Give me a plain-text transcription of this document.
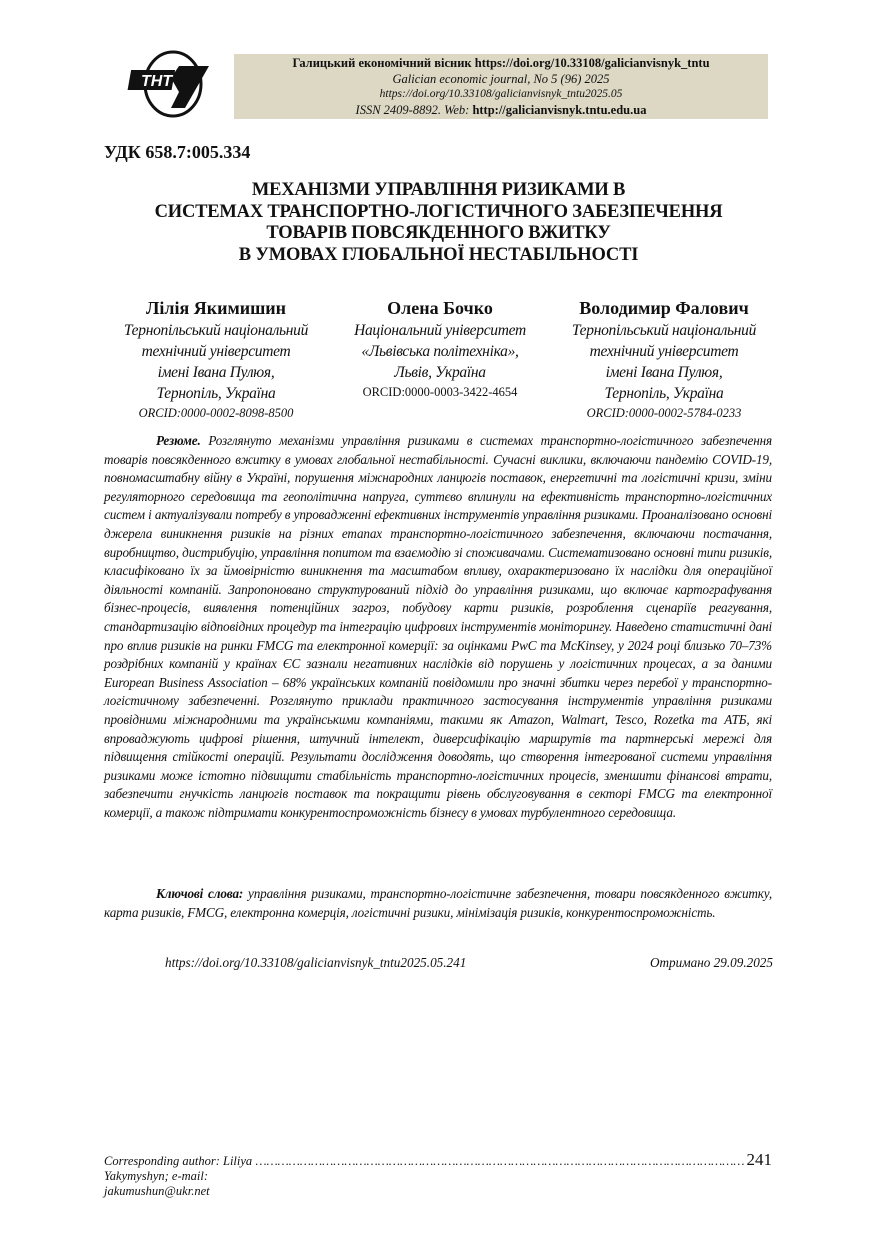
ТНТ
Галицький економічний вісник https://doi.org/10.33108/galicianvisnyk_tntu
Galician economic journal, No 5 (96) 2025
https://doi.org/10.33108/galicianvisnyk_tntu2025.05
ISSN 2409-8892. Web: http://galicianvisnyk.tntu.edu.ua
УДК 658.7:005.334
МЕХАНІЗМИ УПРАВЛІННЯ РИЗИКАМИ В
СИСТЕМАХ ТРАНСПОРТНО-ЛОГІСТИЧНОГО ЗАБЕЗПЕЧЕННЯ
ТОВАРІВ ПОВСЯКДЕННОГО ВЖИТКУ
В УМОВАХ ГЛОБАЛЬНОЇ НЕСТАБІЛЬНОСТІ
Лілія Якимишин
Тернопільський національний
технічний університет
імені Івана Пулюя,
Тернопіль, Україна
ORCID:0000-0002-8098-8500
Олена Бочко
Національний університет
«Львівська політехніка»,
Львів, Україна
ORCID:0000-0003-3422-4654
Володимир Фалович
Тернопільський національний
технічний університет
імені Івана Пулюя,
Тернопіль, Україна
ORCID:0000-0002-5784-0233
Резюме. Розглянуто механізми управління ризиками в системах транспортно-логістичного забезпечення товарів повсякденного вжитку в умовах глобальної нестабільності. Сучасні виклики, включаючи пандемію COVID-19, повномасштабну війну в Україні, порушення міжнародних ланцюгів поставок, енергетичні та логістичні кризи, зміни регуляторного середовища та геополітична напруга, суттєво вплинули на ефективність транспортно-логістичних систем і актуалізували потребу в упровадженні ефективних інструментів управління ризиками. Проаналізовано основні джерела виникнення ризиків на різних етапах транспортно-логістичного забезпечення, включаючи постачання, виробництво, дистрибуцію, управління попитом та взаємодію зі споживачами. Систематизовано основні типи ризиків, класифіковано їх за ймовірністю виникнення та масштабом впливу, охарактеризовано їх наслідки для операційної діяльності компаній. Запропоновано структурований підхід до управління ризиками, що включає картографування бізнес-процесів, виявлення потенційних загроз, побудову карти ризиків, розроблення сценаріїв реагування, стандартизацію відповідних процедур та інтеграцію цифрових інструментів моніторингу. Наведено статистичні дані про вплив ризиків на ринки FMCG та електронної комерції: за оцінками PwC та McKinsey, у 2024 році близько 70–73% роздрібних компаній у країнах ЄС зазнали негативних наслідків від порушень у логістичних процесах, а за даними European Business Association – 68% українських компаній повідомили про значні збитки через перебої у транспортно-логістичному забезпеченні. Розглянуто приклади практичного застосування інструментів управління ризиками провідними міжнародними та українськими компаніями, такими як Amazon, Walmart, Tesco, Rozetka та АТБ, які впроваджують цифрові рішення, штучний інтелект, диверсифікацію маршрутів та партнерські мережі для підвищення стійкості операцій. Результати дослідження доводять, що створення інтегрованої системи управління ризиками може істотно підвищити стабільність транспортно-логістичних процесів, зменшити фінансові втрати, забезпечити гнучкість ланцюгів поставок та покращити рівень обслуговування в секторі FMCG та електронної комерції, а також підтримати конкурентоспроможність бізнесу в умовах турбулентного середовища.
Ключові слова: управління ризиками, транспортно-логістичне забезпечення, товари повсякденного вжитку, карта ризиків, FMCG, електронна комерція, логістичні ризики, мінімізація ризиків, конкурентоспроможність.
https://doi.org/10.33108/galicianvisnyk_tntu2025.05.241	Отримано 29.09.2025
Corresponding author: Liliya Yakymyshyn; e-mail: jakumushun@ukr.net
…………………………………………………………………………………………………………………… 241
